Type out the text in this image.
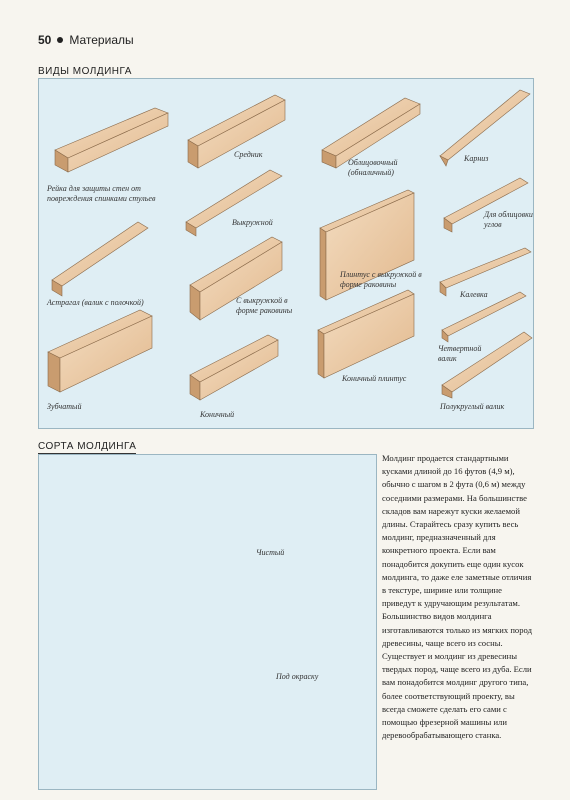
50 Материалы
ВИДЫ МОЛДИНГА
Рейка для защиты стен от повреждения спинками стульев
Средник
Облицовочный (обналичный)
Карниз
Выкружной
Для облицовки углов
Астрагал (валик с полочкой)	С выкружкой в форме раковины
Плинтус с выкружкой в форме раковины
Калевка
Четвертной валик
Зубчатый
Коничный
Коничный плинтус
Полукруглый валик
СОРТА МОЛДИНГА
Чистый
Под окраску
Молдинг продается стандартными кусками длиной до 16 футов (4,9 м), обычно с шагом в 2 фута (0,6 м) между соседними размерами. На большинстве складов вам нарежут куски желаемой длины. Старайтесь сразу купить весь молдинг, предназначенный для конкретного проекта. Если вам понадобится докупить еще один кусок молдинга, то даже еле заметные отличия в текстуре, ширине или толщине приведут к удручающим результатам. Большинство видов молдинга изготавливаются только из мягких пород древесины, чаще всего из сосны. Существует и молдинг из древесины твердых пород, чаще всего из дуба. Если вам понадобится молдинг другого типа, более соответствующий проекту, вы всегда сможете сделать его сами с помощью фрезерной машины или деревообрабатывающего станка.
